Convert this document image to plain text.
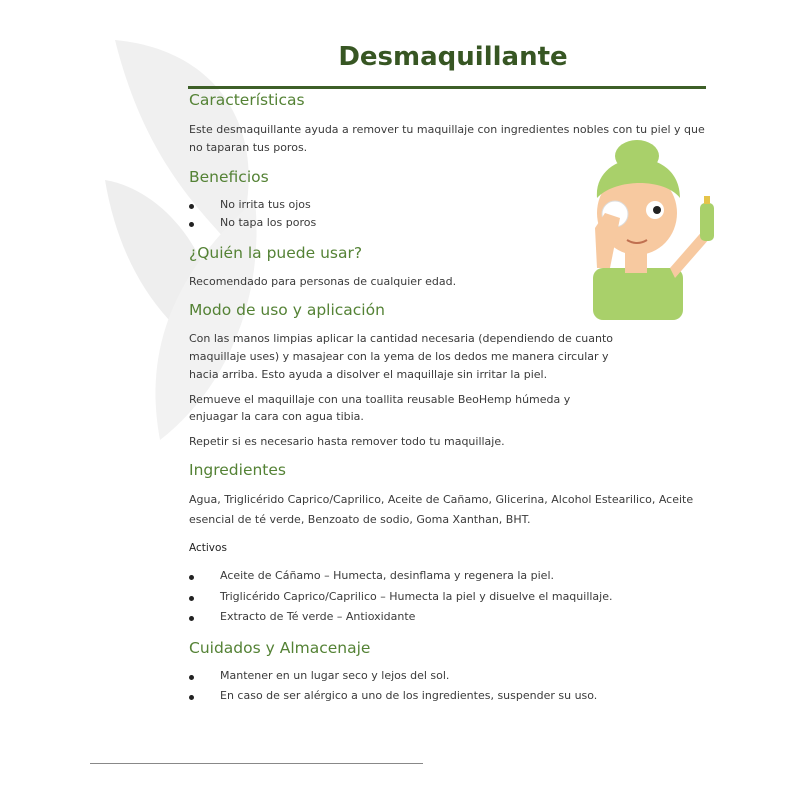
Desmaquillante
Características
Este desmaquillante ayuda a remover tu maquillaje con ingredientes nobles con tu piel y que
no taparan tus poros.
Beneficios
No irrita tus ojos
No tapa los poros
¿Quién la puede usar?
Recomendado para personas de cualquier edad.
Modo de uso y aplicación
Con las manos limpias aplicar la cantidad necesaria (dependiendo de cuanto
maquillaje uses) y masajear con la yema de los dedos me manera circular y
hacia arriba. Esto ayuda a disolver el maquillaje sin irritar la piel.
Remueve el maquillaje con una toallita reusable BeoHemp húmeda y
enjuagar la cara con agua tibia.
Repetir si es necesario hasta remover todo tu maquillaje.
Ingredientes
Agua, Triglicérido Caprico/Caprilico, Aceite de Cañamo, Glicerina, Alcohol Estearilico, Aceite
esencial de té verde, Benzoato de sodio, Goma Xanthan, BHT.
Activos
Aceite de Cáñamo – Humecta, desinflama y regenera la piel.
Triglicérido Caprico/Caprilico – Humecta la piel y disuelve el maquillaje.
Extracto de Té verde – Antioxidante
Cuidados y Almacenaje
Mantener en un lugar seco y lejos del sol.
En caso de ser alérgico a uno de los ingredientes, suspender su uso.
